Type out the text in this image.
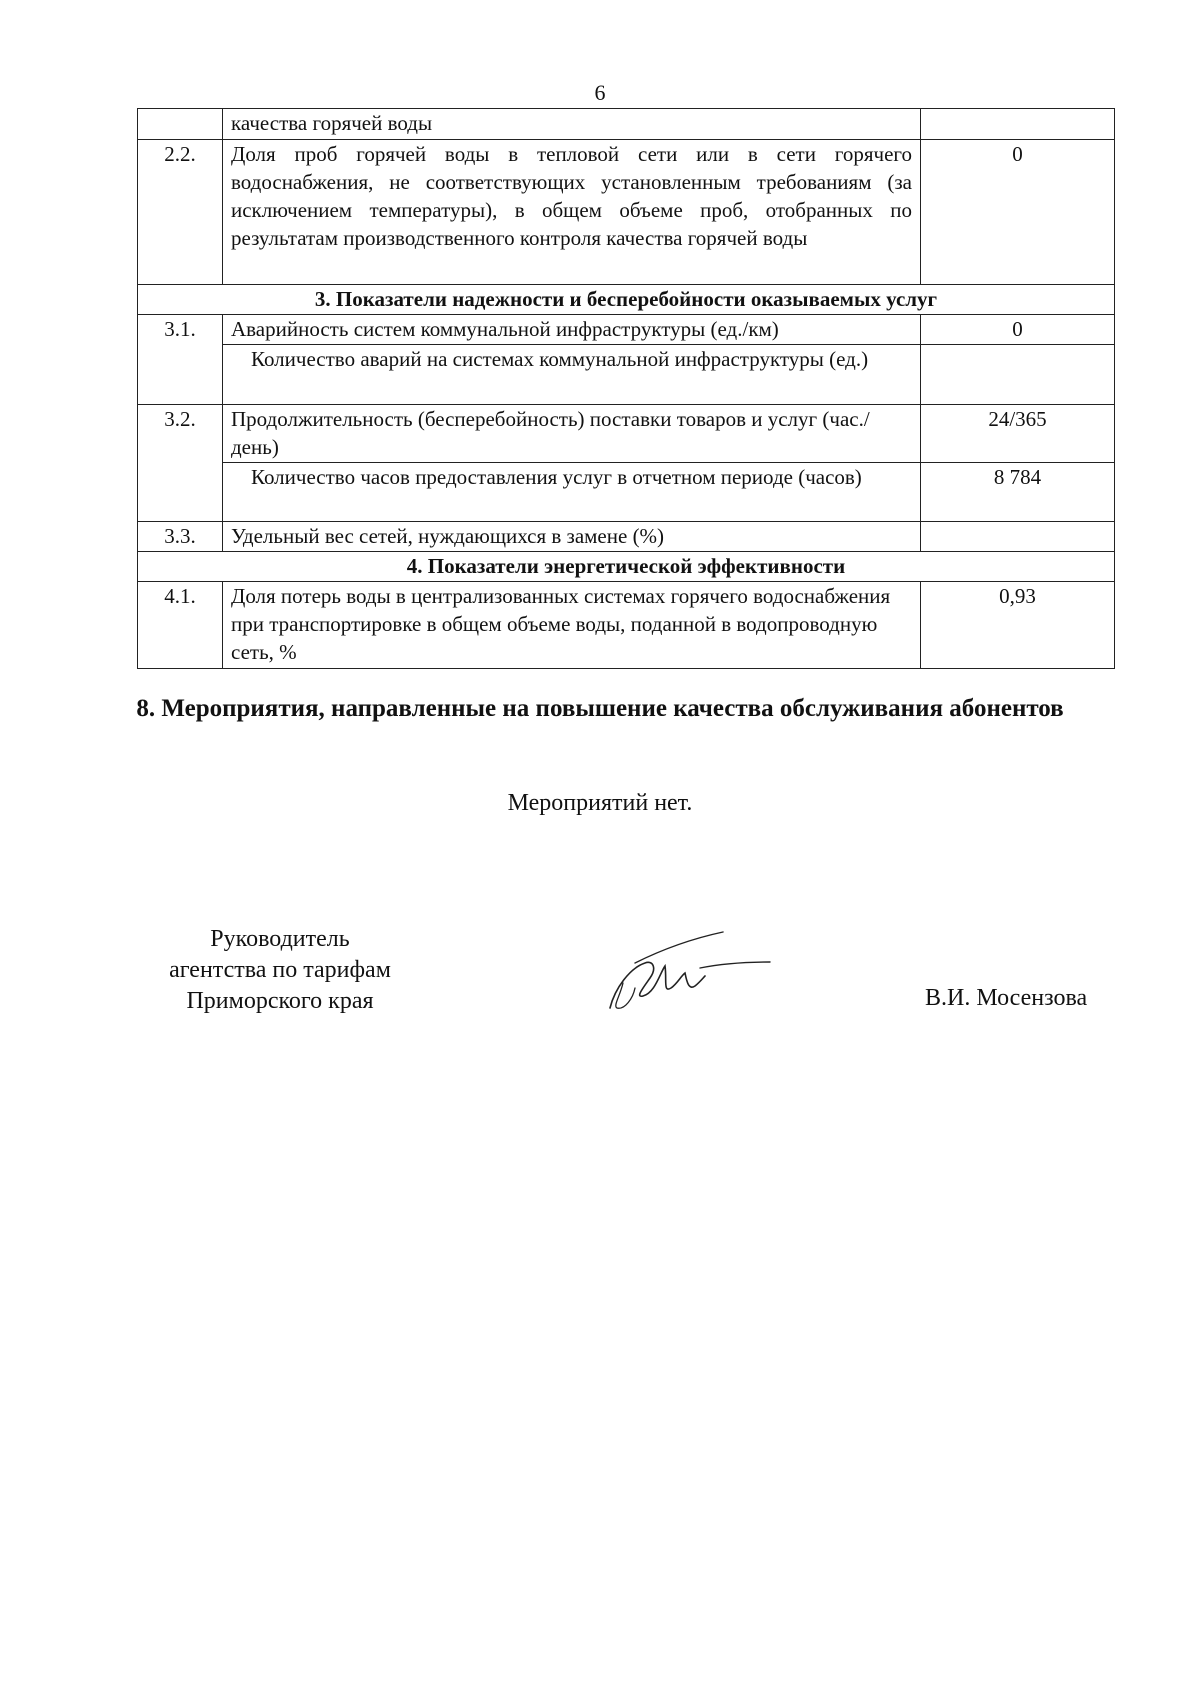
6
	качества горячей воды	
2.2.	Доля проб горячей воды в тепловой сети или в сети горячего водоснабжения, не соответствующих установленным требованиям (за исключением температуры), в общем объеме проб, отобранных по результатам производственного контроля качества горячей воды	0
3. Показатели надежности и бесперебойности оказываемых услуг		
3.1.	Аварийность систем коммунальной инфраструктуры (ед./км)	0
	Количество аварий на системах коммунальной инфраструктуры (ед.)	
3.2.	Продолжительность (бесперебойность) поставки товаров и услуг (час./день)	24/365
	Количество часов предоставления услуг в отчетном периоде (часов)	8 784
3.3.	Удельный вес сетей, нуждающихся в замене (%)	
4. Показатели энергетической эффективности		
4.1.	Доля потерь воды в централизованных системах горячего водоснабжения при транспортировке в общем объеме воды, поданной в водопроводную сеть, %	0,93
8. Мероприятия, направленные на повышение качества обслуживания абонентов
Мероприятий нет.
Руководитель
агентства по тарифам
Приморского края	В.И. Мосензова
